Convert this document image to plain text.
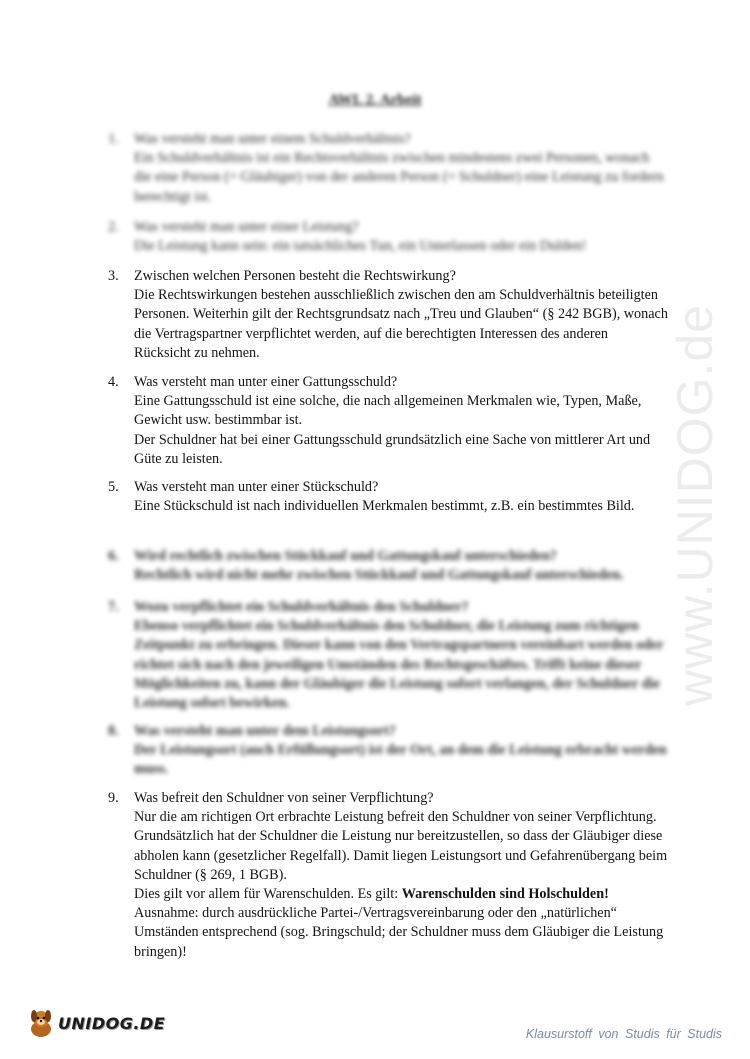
www.UNIDOG.de
AWL 2. Arbeit
1.	Was versteht man unter einem Schuldverhältnis?
Ein Schuldverhältnis ist ein Rechtsverhältnis zwischen mindestens zwei Personen, wonach die eine Person (= Gläubiger) von der anderen Person (= Schuldner) eine Leistung zu fordern berechtigt ist.
2.	Was versteht man unter einer Leistung?
Die Leistung kann sein: ein tatsächliches Tun, ein Unterlassen oder ein Dulden!
3.	Zwischen welchen Personen besteht die Rechtswirkung?
Die Rechtswirkungen bestehen ausschließlich zwischen den am Schuldverhältnis beteiligten Personen. Weiterhin gilt der Rechtsgrundsatz nach „Treu und Glauben“ (§ 242 BGB), wonach die Vertragspartner verpflichtet werden, auf die berechtigten Interessen des anderen Rücksicht zu nehmen.
4.	Was versteht man unter einer Gattungsschuld?
Eine Gattungsschuld ist eine solche, die nach allgemeinen Merkmalen wie, Typen, Maße, Gewicht usw. bestimmbar ist.
Der Schuldner hat bei einer Gattungsschuld grundsätzlich eine Sache von mittlerer Art und Güte zu leisten.
5.	Was versteht man unter einer Stückschuld?
Eine Stückschuld ist nach individuellen Merkmalen bestimmt, z.B. ein bestimmtes Bild.
6.	Wird rechtlich zwischen Stückkauf und Gattungskauf unterschieden?
Rechtlich wird nicht mehr zwischen Stückkauf und Gattungskauf unterschieden.
7.	Wozu verpflichtet ein Schuldverhältnis den Schuldner?
Ebenso verpflichtet ein Schuldverhältnis den Schuldner, die Leistung zum richtigen Zeitpunkt zu erbringen. Dieser kann von den Vertragspartnern vereinbart werden oder richtet sich nach den jeweiligen Umständen des Rechtsgeschäftes. Trifft keine dieser Möglichkeiten zu, kann der Gläubiger die Leistung sofort verlangen, der Schuldner die Leistung sofort bewirken.
8.	Was versteht man unter dem Leistungsort?
Der Leistungsort (auch Erfüllungsort) ist der Ort, an dem die Leistung erbracht werden muss.
9.	Was befreit den Schuldner von seiner Verpflichtung?
Nur die am richtigen Ort erbrachte Leistung befreit den Schuldner von seiner Verpflichtung. Grundsätzlich hat der Schuldner die Leistung nur bereitzustellen, so dass der Gläubiger diese abholen kann (gesetzlicher Regelfall). Damit liegen Leistungsort und Gefahrenübergang beim Schuldner (§ 269, 1 BGB).
Dies gilt vor allem für Warenschulden. Es gilt: Warenschulden sind Holschulden!
Ausnahme: durch ausdrückliche Partei-/Vertragsvereinbarung oder den „natürlichen“ Umständen entsprechend (sog. Bringschuld; der Schuldner muss dem Gläubiger die Leistung bringen)!
UNIDOG.DE
Klausurstoff von Studis für Studis
